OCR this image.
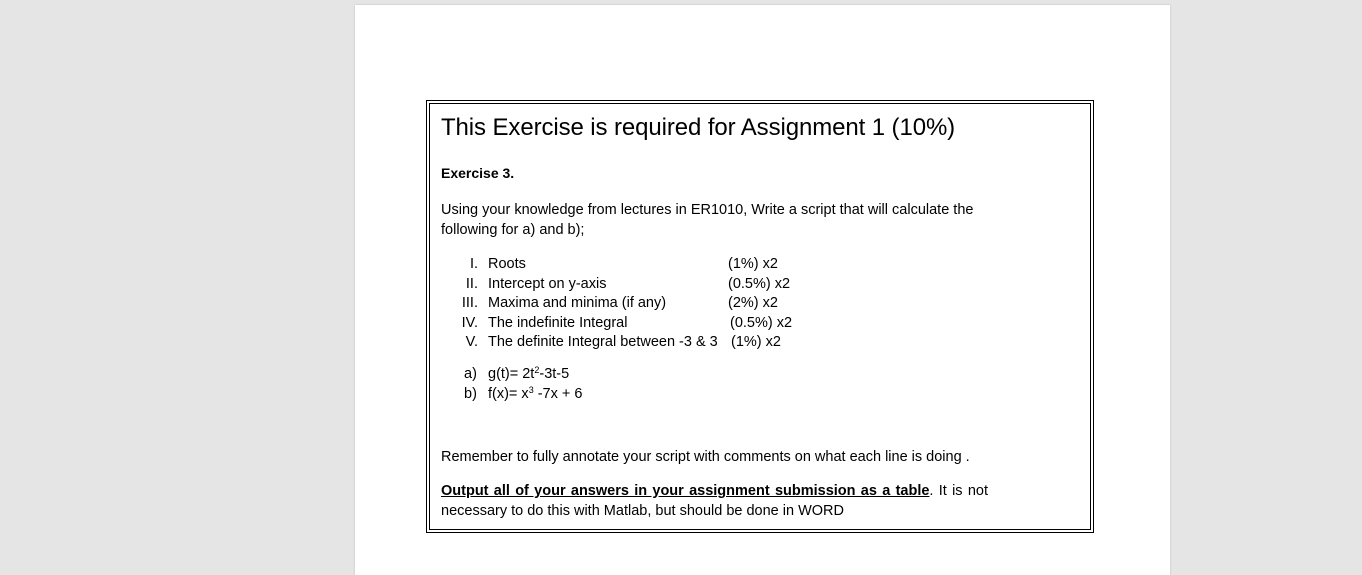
This Exercise is required for Assignment 1 (10%)
Exercise 3.
Using your knowledge from lectures in ER1010, Write a script that will calculate the following for a) and b);
I. Roots	(1%) x2
II. Intercept on y-axis	(0.5%) x2
III. Maxima and minima (if any)	(2%) x2
IV. The indefinite Integral	(0.5%) x2
V. The definite Integral between -3 & 3 (1%) x2
a) $g(t)= 2t^2-3t-5$
b) $f(x)= x^3$ -7x + 6
Remember to fully annotate your script with comments on what each line is doing .
Output all of your answers in your assignment submission as a table. It is not necessary to do this with Matlab, but should be done in WORD
